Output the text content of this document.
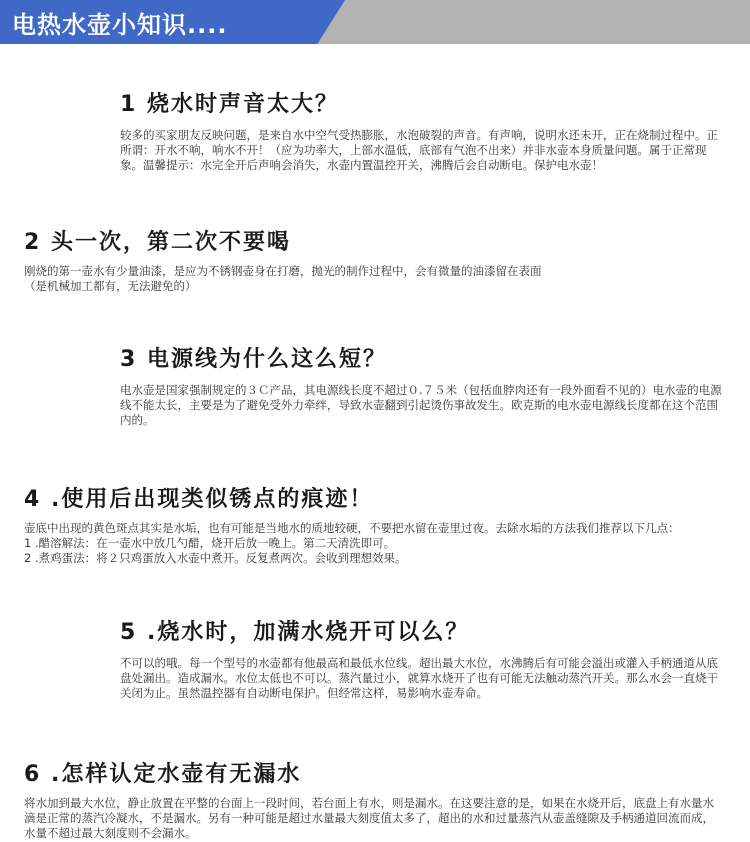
电热水壶小知识....
1 烧水时声音太大？

较多的买家朋友反映问题，是来自水中空气受热膨胀，水泡破裂的声音。有声响，说明水还未开，正在烧制过程中。正所谓：开水不响，响水不开！（应为功率大，上部水温低，底部有气泡不出来）并非水壶本身质量问题。属于正常现象。温馨提示：水完全开后声响会消失，水壶内置温控开关，沸腾后会自动断电。保护电水壶！

2 头一次，第二次不要喝

刚烧的第一壶水有少量油漆，是应为不锈钢壶身在打磨，抛光的制作过程中，会有微量的油漆留在表面

（是机械加工都有，无法避免的）

3 电源线为什么这么短？

电水壶是国家强制规定的３Ｃ产品，其电源线长度不超过０.７５米（包括血脖肉还有一段外面看不见的）电水壶的电源线不能太长，主要是为了避免受外力牵绊，导致水壶翻到引起烫伤事故发生。欧克斯的电水壶电源线长度都在这个范围内的。

4 .使用后出现类似锈点的痕迹！

壶底中出现的黄色斑点其实是水垢，也有可能是当地水的质地较硬，不要把水留在壶里过夜。去除水垢的方法我们推荐以下几点：

1 .醋溶解法：在一壶水中放几勺醋，烧开后放一晚上。第二天清洗即可。

2 .煮鸡蛋法：将２只鸡蛋放入水壶中煮开。反复煮两次。会收到理想效果。

5 .烧水时，加满水烧开可以么？

不可以的哦。每一个型号的水壶都有他最高和最低水位线。超出最大水位，水沸腾后有可能会溢出或灌入手柄通道从底盘处漏出。造成漏水。水位太低也不可以。蒸汽量过小，就算水烧开了也有可能无法触动蒸汽开关。那么水会一直烧干关闭为止。虽然温控器有自动断电保护。但经常这样，易影响水壶寿命。

6 .怎样认定水壶有无漏水

将水加到最大水位，静止放置在平整的台面上一段时间，若台面上有水，则是漏水。在这要注意的是，如果在水烧开后，底盘上有水量水滴是正常的蒸汽冷凝水，不是漏水。另有一种可能是超过水量最大刻度值太多了，超出的水和过量蒸汽从壶盖缝隙及手柄通道回流而成，水量不超过最大刻度则不会漏水。
